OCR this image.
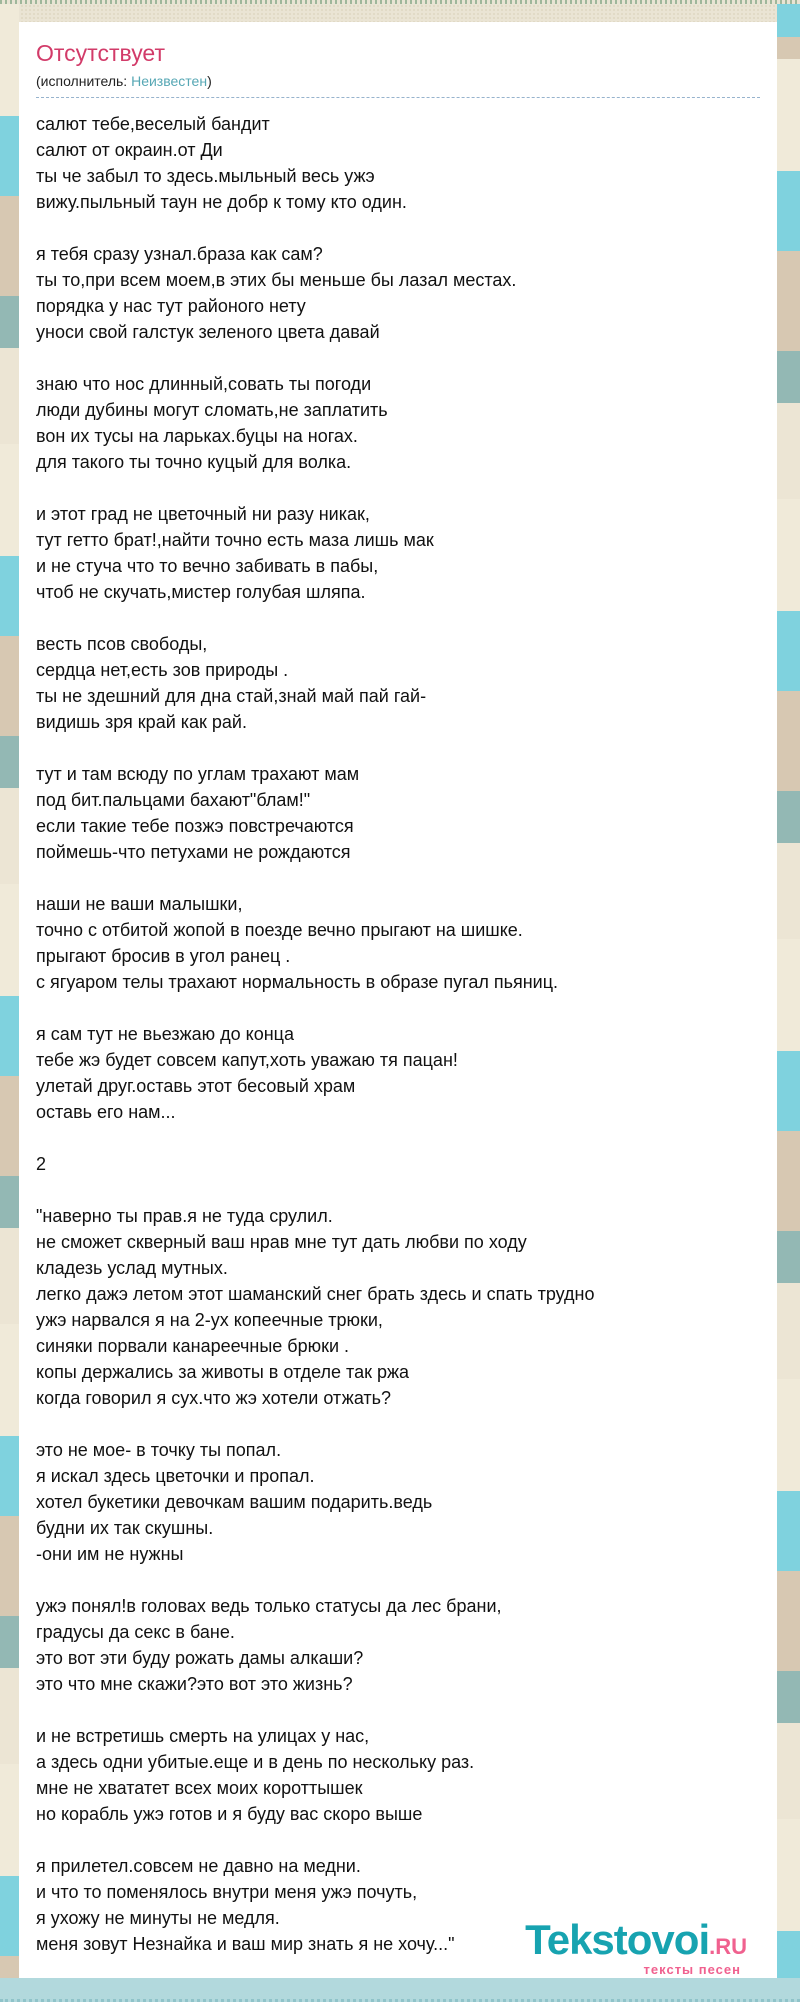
Отсутствует
(исполнитель: Неизвестен)
салют тебе,веселый бандит
салют от окраин.от Ди
ты че забыл то здесь.мыльный весь ужэ
вижу.пыльный таун не добр к тому кто один.
я тебя сразу узнал.браза как сам?
ты то,при всем моем,в этих бы меньше бы лазал местах.
порядка у нас тут районого нету
уноси свой галстук зеленого цвета давай
знаю что нос длинный,совать ты погоди
люди дубины могут сломать,не заплатить
вон их тусы на ларьках.буцы на ногах.
для такого ты точно куцый для волка.
и этот град не цветочный ни разу никак,
тут гетто брат!,найти точно есть маза лишь мак
и не стуча что то вечно забивать в пабы,
чтоб не скучать,мистер голубая шляпа.
весть псов свободы,
сердца нет,есть зов природы .
ты не здешний для дна стай,знай май пай гай-
видишь зря край как рай.
тут и там всюду по углам трахают мам
под бит.пальцами бахают"блам!"
если такие тебе позжэ повстречаются
поймешь-что петухами не рождаются
наши не ваши малышки,
точно с отбитой жопой в поезде вечно прыгают на шишке.
прыгают бросив в угол ранец .
с ягуаром телы трахают нормальность в образе пугал пьяниц.
я сам тут не вьезжаю до конца
тебе жэ будет совсем капут,хоть уважаю тя пацан!
улетай друг.оставь этот бесовый храм
оставь его нам...
2
"наверно ты прав.я не туда срулил.
не сможет скверный ваш нрав мне тут дать любви по ходу
кладезь услад мутных.
легко дажэ летом этот шаманский снег брать здесь и спать трудно
ужэ нарвался я на 2-ух копеечные трюки,
синяки порвали канареечные брюки .
копы держались за животы в отделе так ржа
когда говорил я сух.что жэ хотели отжать?
это не мое- в точку ты попал.
я искал здесь цветочки и пропал.
хотел букетики девочкам вашим подарить.ведь
будни их так скушны.
-они им не нужны
ужэ понял!в головах ведь только статусы да лес брани,
градусы да секс в бане.
это вот эти буду рожать дамы алкаши?
это что мне скажи?это вот это жизнь?
и не встретишь смерть на улицах у нас,
а здесь одни убитые.еще и в день по нескольку раз.
мне не хвататет всех моих короттышек
но корабль ужэ готов и я буду вас скоро выше
я прилетел.совсем не давно на медни.
и что то поменялось внутри меня ужэ почуть,
я ухожу не минуты не медля.
меня зовут Незнайка и ваш мир знать я не хочу..."	Tekstovoi.RU
тексты песен
